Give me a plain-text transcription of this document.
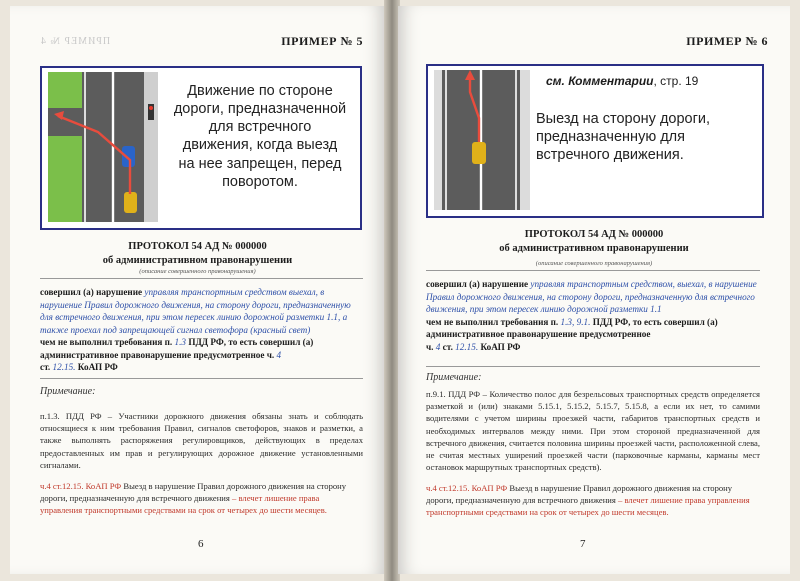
ПРИМЕР № 4	ПРИМЕР № 5
Движение по стороне
дороги, предназначенной
для встречного
движения, когда выезд
на нее запрещен, перед
поворотом.
ПРОТОКОЛ 54 АД № 000000
об административном правонарушении
(описание совершенного правонарушения)
совершил (а) нарушение управляя транспортным средством выехал, в нарушение Правил дорожного движения, на сторону дороги, предназначенную для встречного движения, при этом пересек линию дорожной разметки 1.1, а также проехал под запрещающей сигнал светофора (красный свет)
чем не выполнил требования п. 1.3 ПДД РФ, то есть совершил (а) административное правонарушение предусмотренное ч. 4
ст. 12.15. КоАП РФ
Примечание:
п.1.3. ПДД РФ – Участники дорожного движения обязаны знать и соблюдать относящиеся к ним требования Правил, сигналов светофоров, знаков и разметки, а также выполнять распоряжения регулировщиков, действующих в пределах предоставленных им прав и регулирующих дорожное движение установленными сигналами.
ч.4 ст.12.15. КоАП РФ Выезд в нарушение Правил дорожного движения на сторону дороги, предназначенную для встречного движения – влечет лишение права управления транспортными средствами на срок от четырех до шести месяцев.
6
ПРИМЕР № 6
см. Комментарии, стр. 19
Выезд на сторону дороги,
предназначенную для
встречного движения.
ПРОТОКОЛ 54 АД № 000000
об административном правонарушении
(описание совершенного правонарушения)
совершил (а) нарушение управляя транспортным средством, выехал, в нарушение Правил дорожного движения, на сторону дороги, предназначенную для встречного движения, при этом пересек линию дорожной разметки 1.1
чем не выполнил требования п. 1.3, 9.1. ПДД РФ, то есть совершил (а) административное правонарушение предусмотренное
ч. 4 ст. 12.15. КоАП РФ
Примечание:
п.9.1. ПДД РФ – Количество полос для безрельсовых транспортных средств определяется разметкой и (или) знаками 5.15.1, 5.15.2, 5.15.7, 5.15.8, а если их нет, то самими водителями с учетом ширины проезжей части, габаритов транспортных средств и необходимых интервалов между ними. При этом стороной предназначенной для встречного движения, считается половина ширины проезжей части, расположенной слева, не считая местных уширений проезжей части (парковочные карманы, карманы мест остановок маршрутных транспортных средств).
ч.4 ст.12.15. КоАП РФ Выезд в нарушение Правил дорожного движения на сторону дороги, предназначенную для встречного движения – влечет лишение права управления транспортными средствами на срок от четырех до шести месяцев.
7
